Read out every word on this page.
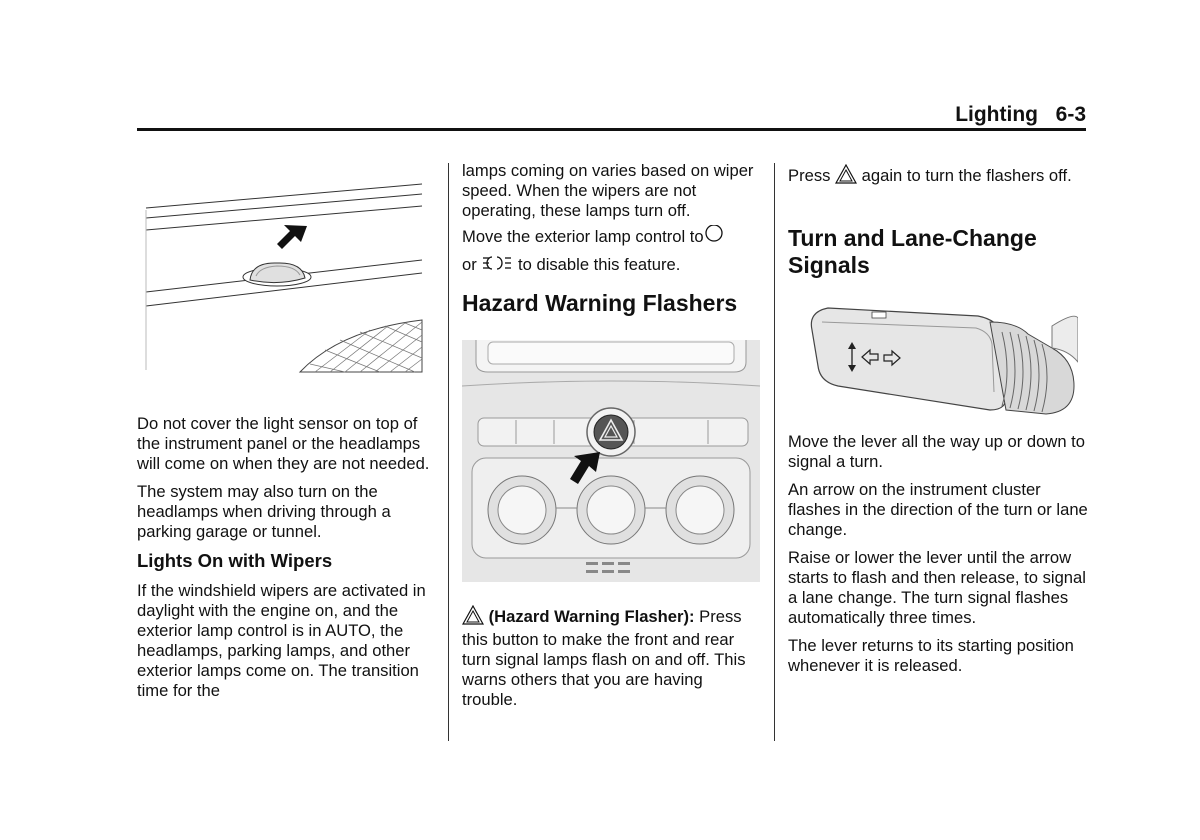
Lighting 6-3

Do not cover the light sensor on top of the instrument panel or the headlamps will come on when they are not needed.

The system may also turn on the headlamps when driving through a parking garage or tunnel.

Lights On with Wipers

If the windshield wipers are activated in daylight with the engine on, and the exterior lamp control is in AUTO, the headlamps, parking lamps, and other exterior lamps come on. The transition time for the

lamps coming on varies based on wiper speed. When the wipers are not operating, these lamps turn off.

Move the exterior lamp control to
or to disable this feature.

Hazard Warning Flashers

(Hazard Warning Flasher): Press this button to make the front and rear turn signal lamps flash on and off. This warns others that you are having trouble.

Press again to turn the flashers off.

Turn and Lane-Change Signals

Move the lever all the way up or down to signal a turn.

An arrow on the instrument cluster flashes in the direction of the turn or lane change.

Raise or lower the lever until the arrow starts to flash and then release, to signal a lane change. The turn signal flashes automatically three times.

The lever returns to its starting position whenever it is released.
